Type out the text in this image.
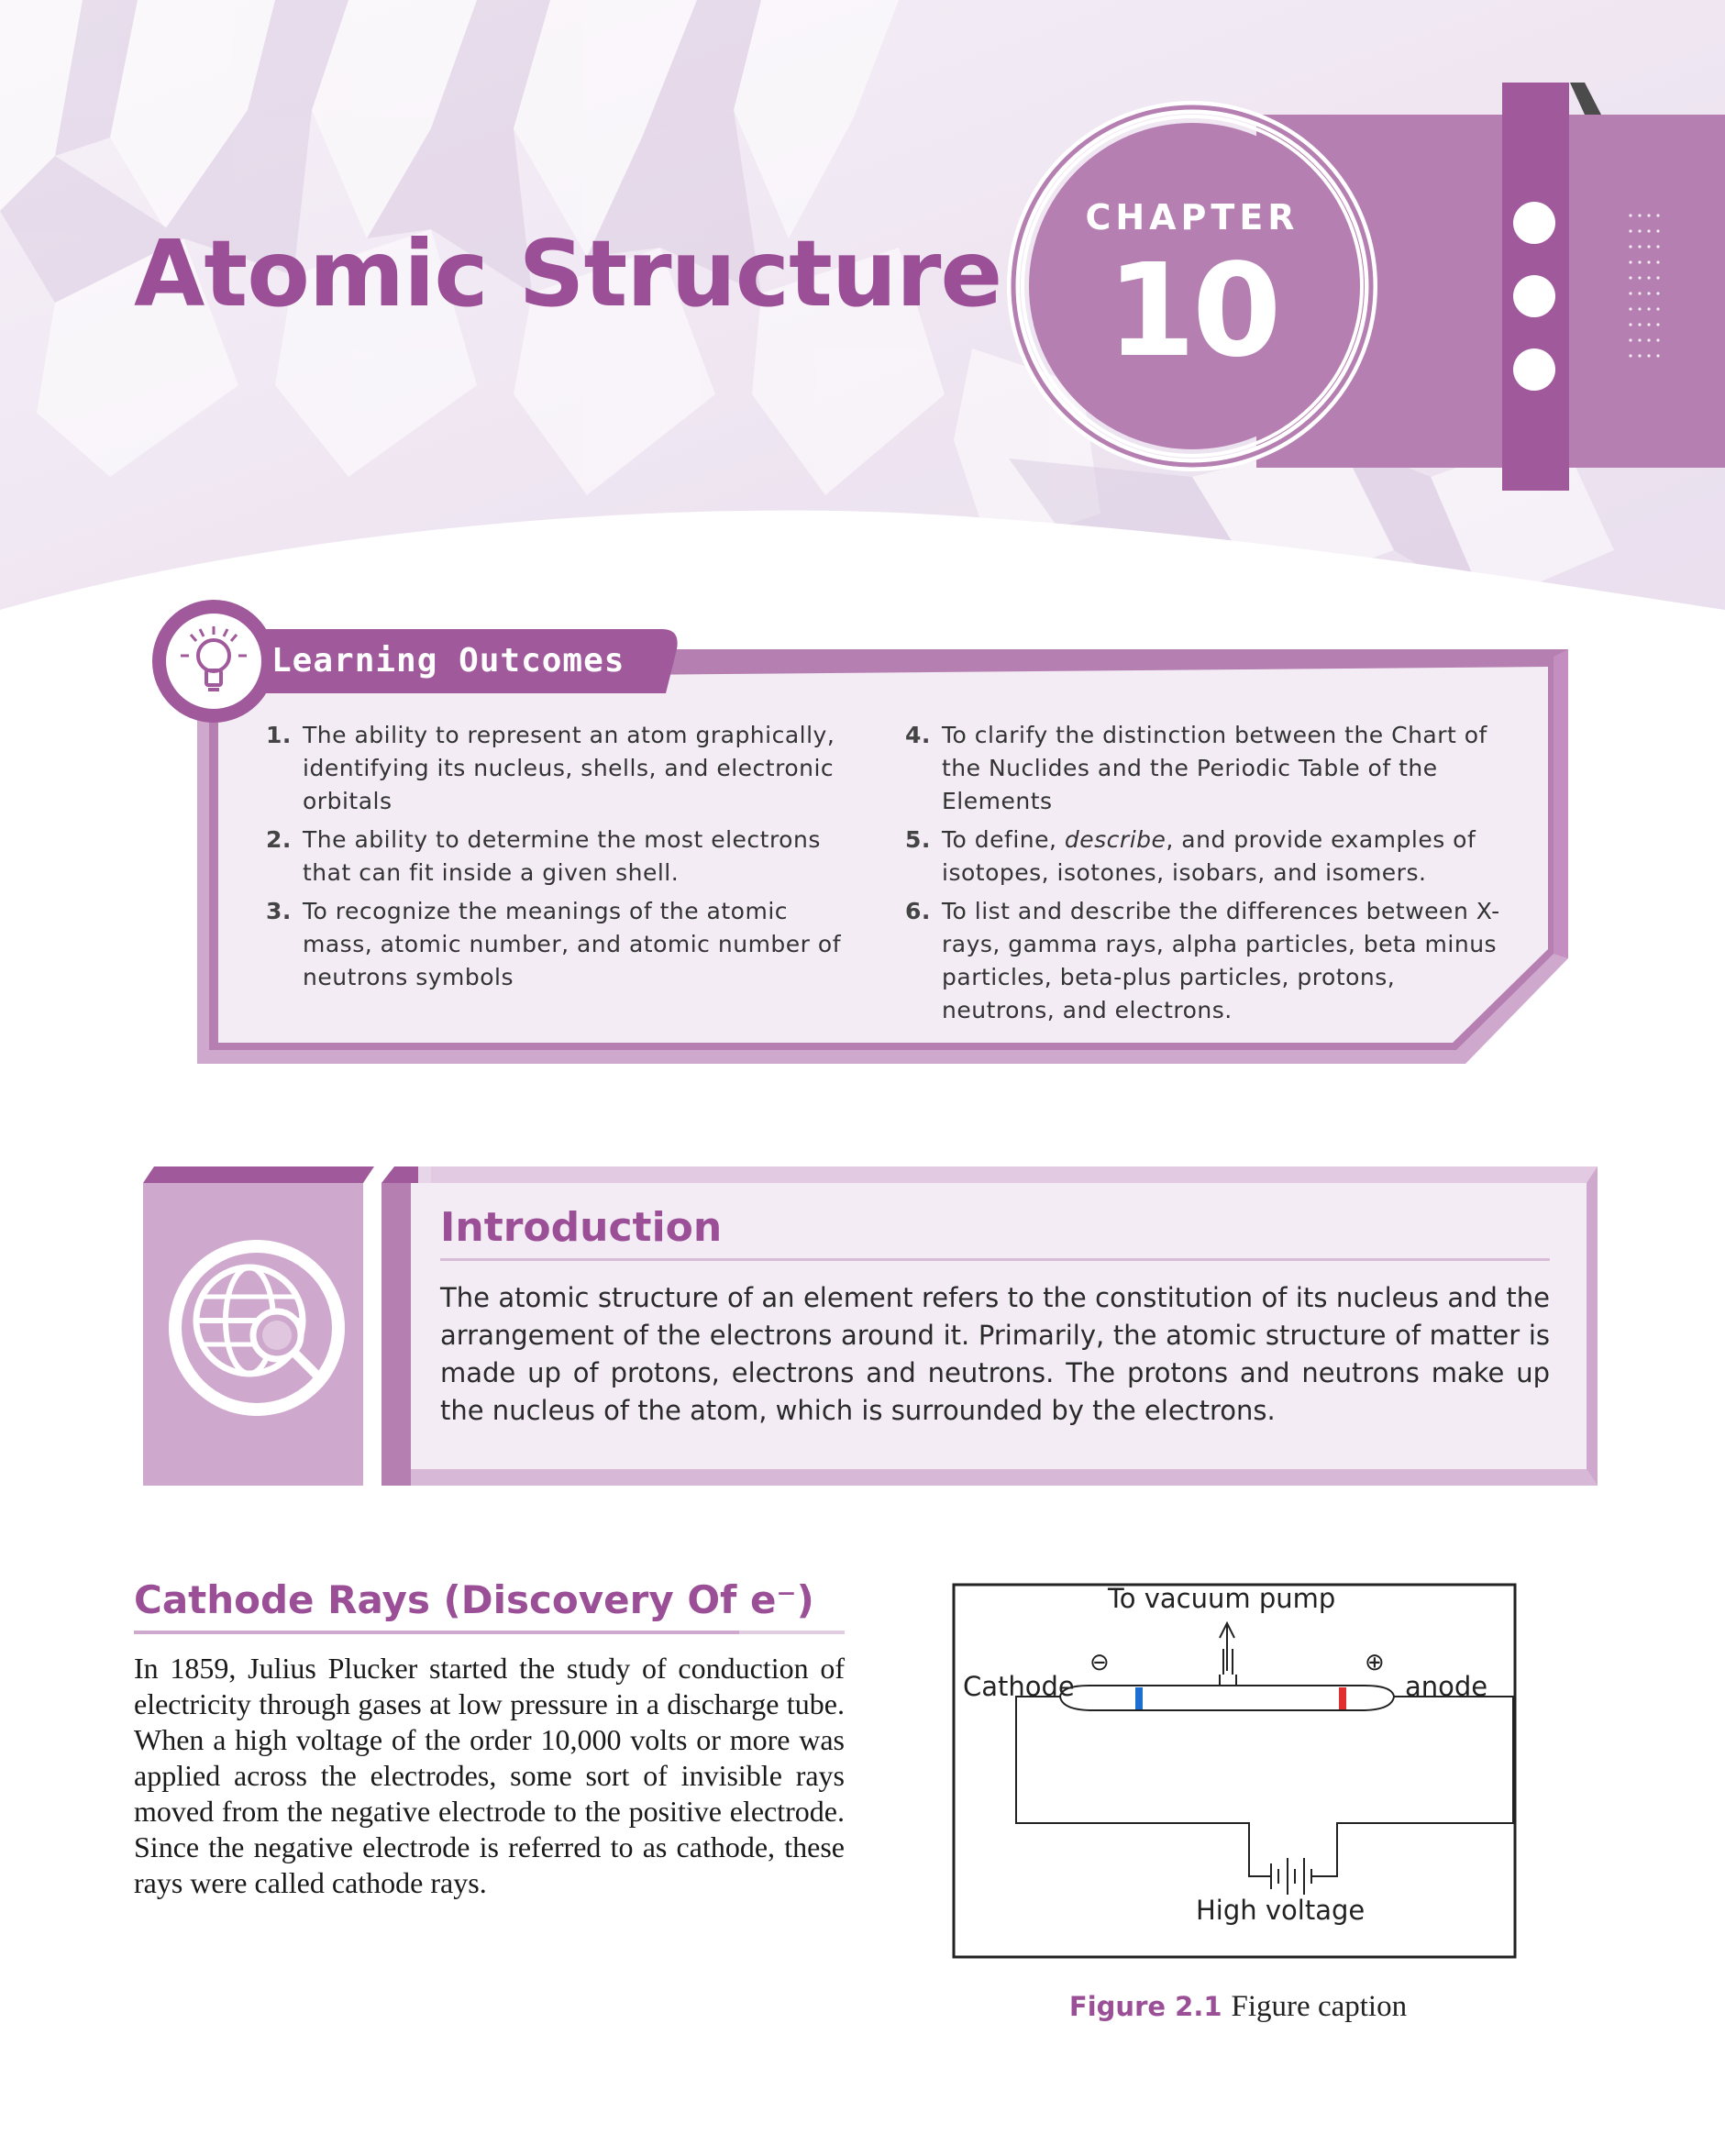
Atomic Structure
CHAPTER
10
Learning Outcomes
1. The ability to represent an atom graphically, identifying its nucleus, shells, and electronic orbitals
2. The ability to determine the most electrons that can fit inside a given shell.
3. To recognize the meanings of the atomic mass, atomic number, and atomic number of neutrons symbols
4. To clarify the distinction between the Chart of the Nuclides and the Periodic Table of the Elements
5. To define, describe, and provide examples of isotopes, isotones, isobars, and isomers.
6. To list and describe the differences between X-rays, gamma rays, alpha particles, beta minus particles, beta-plus particles, protons, neutrons, and electrons.
Introduction

The atomic structure of an element refers to the constitution of its nucleus and the arrangement of the electrons around it. Primarily, the atomic structure of matter is made up of protons, electrons and neutrons. The protons and neutrons make up the nucleus of the atom, which is surrounded by the electrons.

Cathode Rays (Discovery Of e⁻)

In 1859, Julius Plucker started the study of conduction of electricity through gases at low pressure in a discharge tube. When a high voltage of the order 10,000 volts or more was applied across the electrodes, some sort of invisible rays moved from the negative electrode to the positive electrode. Since the negative electrode is referred to as cathode, these rays were called cathode rays.

To vacuum pump
Cathode	anode
⊖	⊕
High voltage
Figure 2.1 Figure caption
